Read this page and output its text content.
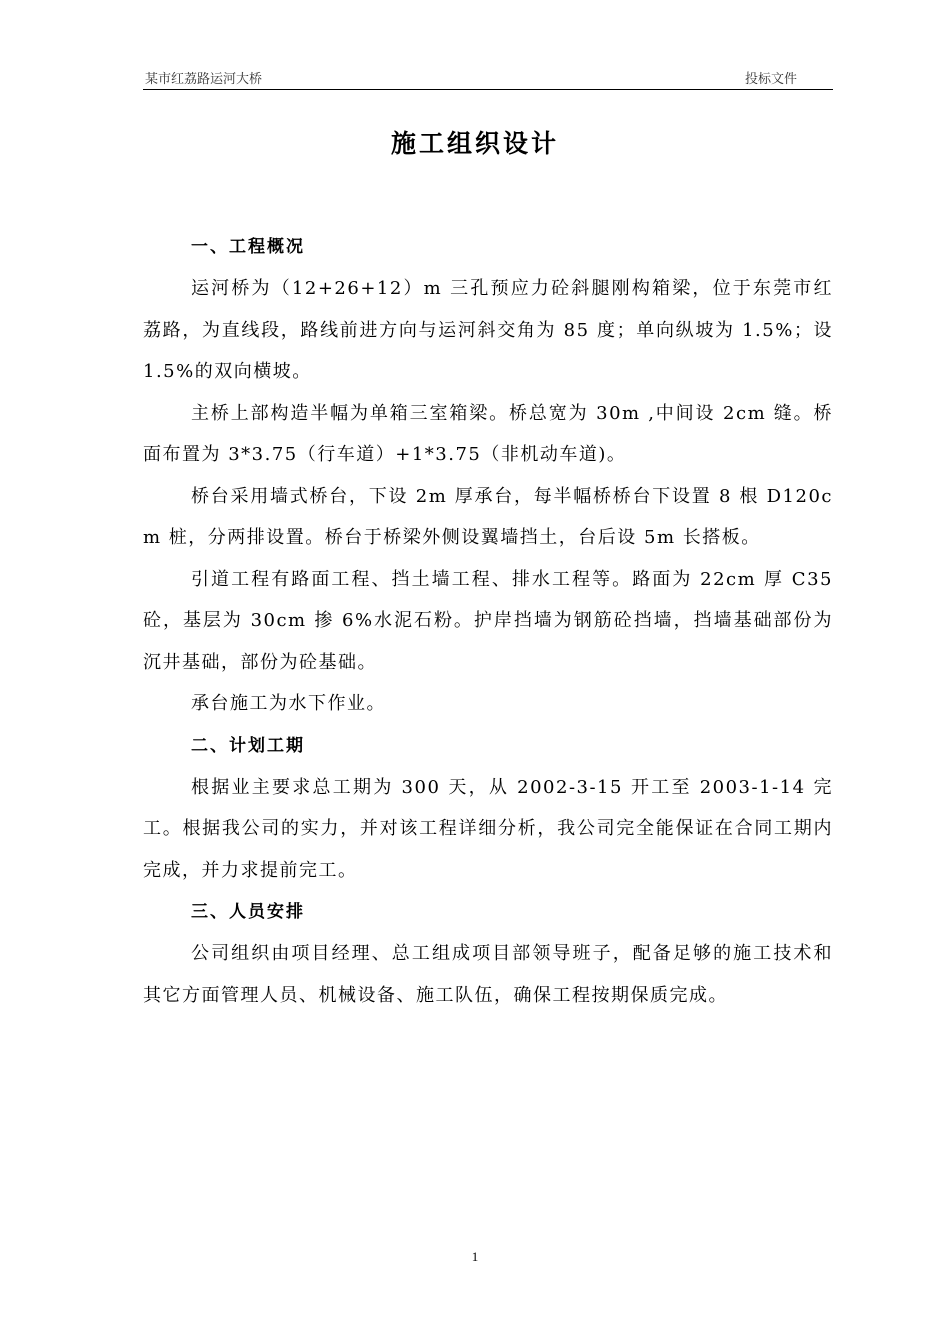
某市红荔路运河大桥	投标文件
施工组织设计
一、工程概况

运河桥为（12+26+12）m 三孔预应力砼斜腿刚构箱梁，位于东莞市红荔路，为直线段，路线前进方向与运河斜交角为 85 度；单向纵坡为 1.5%；设 1.5%的双向横坡。

主桥上部构造半幅为单箱三室箱梁。桥总宽为 30m ,中间设 2cm 缝。桥面布置为 3*3.75（行车道）+1*3.75（非机动车道)。

桥台采用墙式桥台，下设 2m 厚承台，每半幅桥桥台下设置 8 根 D120cm 桩，分两排设置。桥台于桥梁外侧设翼墙挡土，台后设 5m 长搭板。

引道工程有路面工程、挡土墙工程、排水工程等。路面为 22cm 厚 C35 砼，基层为 30cm 掺 6%水泥石粉。护岸挡墙为钢筋砼挡墙，挡墙基础部份为沉井基础，部份为砼基础。

承台施工为水下作业。

二、计划工期

根据业主要求总工期为 300 天，从 2002-3-15 开工至 2003-1-14 完工。根据我公司的实力，并对该工程详细分析，我公司完全能保证在合同工期内完成，并力求提前完工。

三、人员安排

公司组织由项目经理、总工组成项目部领导班子，配备足够的施工技术和其它方面管理人员、机械设备、施工队伍，确保工程按期保质完成。

1
